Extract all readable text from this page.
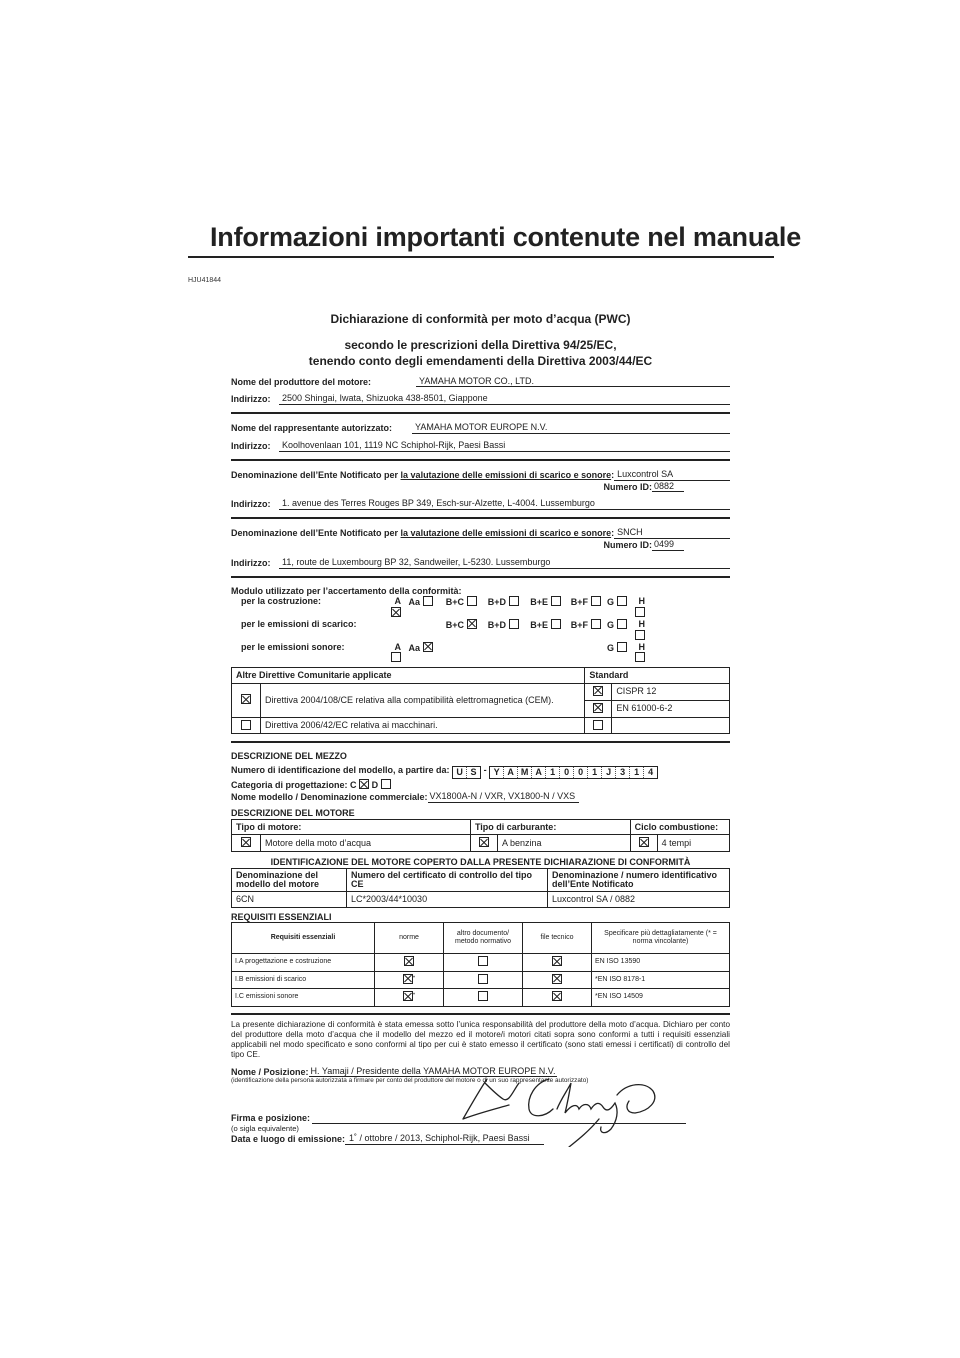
Informazioni importanti contenute nel manuale
HJU41844
Dichiarazione di conformità per moto d’acqua (PWC)
secondo le prescrizioni della Direttiva 94/25/EC,
tenendo conto degli emendamenti della Direttiva 2003/44/EC
Nome del produttore del motore:	YAMAHA MOTOR CO., LTD.
Indirizzo:	2500 Shingai, Iwata, Shizuoka 438-8501, Giappone
Nome del rappresentante autorizzato:	YAMAHA MOTOR EUROPE N.V.
Indirizzo:	Koolhovenlaan 101, 1119 NC Schiphol-Rijk, Paesi Bassi
Denominazione dell’Ente Notificato per la valutazione delle emissioni di scarico e sonore: Luxcontrol SA
Numero ID: 0882
Indirizzo:	1. avenue des Terres Rouges BP 349, Esch-sur-Alzette, L-4004. Lussemburgo
Denominazione dell’Ente Notificato per la valutazione delle emissioni di scarico e sonore: SNCH
Numero ID: 0499
Indirizzo:	11, route de Luxembourg BP 32, Sandweiler, L-5230. Lussemburgo
Modulo utilizzato per l’accertamento della conformità:
per la costruzione:	A Aa	B+C	B+D	B+E	B+F	G	H
per le emissioni di scarico:	B+C	B+D	B+E	B+F	G	H
per le emissioni sonore:	A Aa	G	H
Altre Direttive Comunitarie applicate		Standard	
	Direttiva 2004/108/CE relativa alla compatibilità elettromagnetica (CEM).		CISPR 12
			EN 61000-6-2
	Direttiva 2006/42/EC relativa ai macchinari.		
DESCRIZIONE DEL MEZZO
Numero di identificazione del modello, a partire da: U S - Y A M A 1 0 0 1 J 3 1 4
Categoria di progettazione: C D
Nome modello / Denominazione commerciale: VX1800A-N / VXR, VX1800-N / VXS
DESCRIZIONE DEL MOTORE
Tipo di motore:		Tipo di carburante:		Ciclo combustione:	
	Motore della moto d’acqua		A benzina		4 tempi
IDENTIFICAZIONE DEL MOTORE COPERTO DALLA PRESENTE DICHIARAZIONE DI CONFORMITÀ
Denominazione del modello del motore	Numero del certificato di controllo del tipo CE	Denominazione / numero identificativo dell’Ente Notificato
6CN	LC*2003/44*10030	Luxcontrol SA / 0882
REQUISITI ESSENZIALI
Requisiti essenziali	norme	altro documento/ metodo normativo	file tecnico	Specificare più dettagliatamente (* = norma vincolante)
I.A progettazione e costruzione				EN ISO 13590
I.B emissioni di scarico	*			*EN ISO 8178-1
I.C emissioni sonore	*			*EN ISO 14509
La presente dichiarazione di conformità è stata emessa sotto l’unica responsabilità del produttore della moto d’acqua. Dichiaro per conto del produttore della moto d’acqua che il modello del mezzo ed il motore/i motori citati sopra sono conformi a tutti i requisiti essenziali applicabili nel modo specificato e sono conformi al tipo per cui è stato emesso il certificato (sono stati emessi i certificati) di controllo del tipo CE.
Nome / Posizione: H. Yamaji / Presidente della YAMAHA MOTOR EUROPE N.V.
(identificazione della persona autorizzata a firmare per conto del produttore del motore o di un suo rappresentante autorizzato)
Firma e posizione:
(o sigla equivalente)
Data e luogo di emissione: 1˚ / ottobre / 2013, Schiphol-Rijk, Paesi Bassi
